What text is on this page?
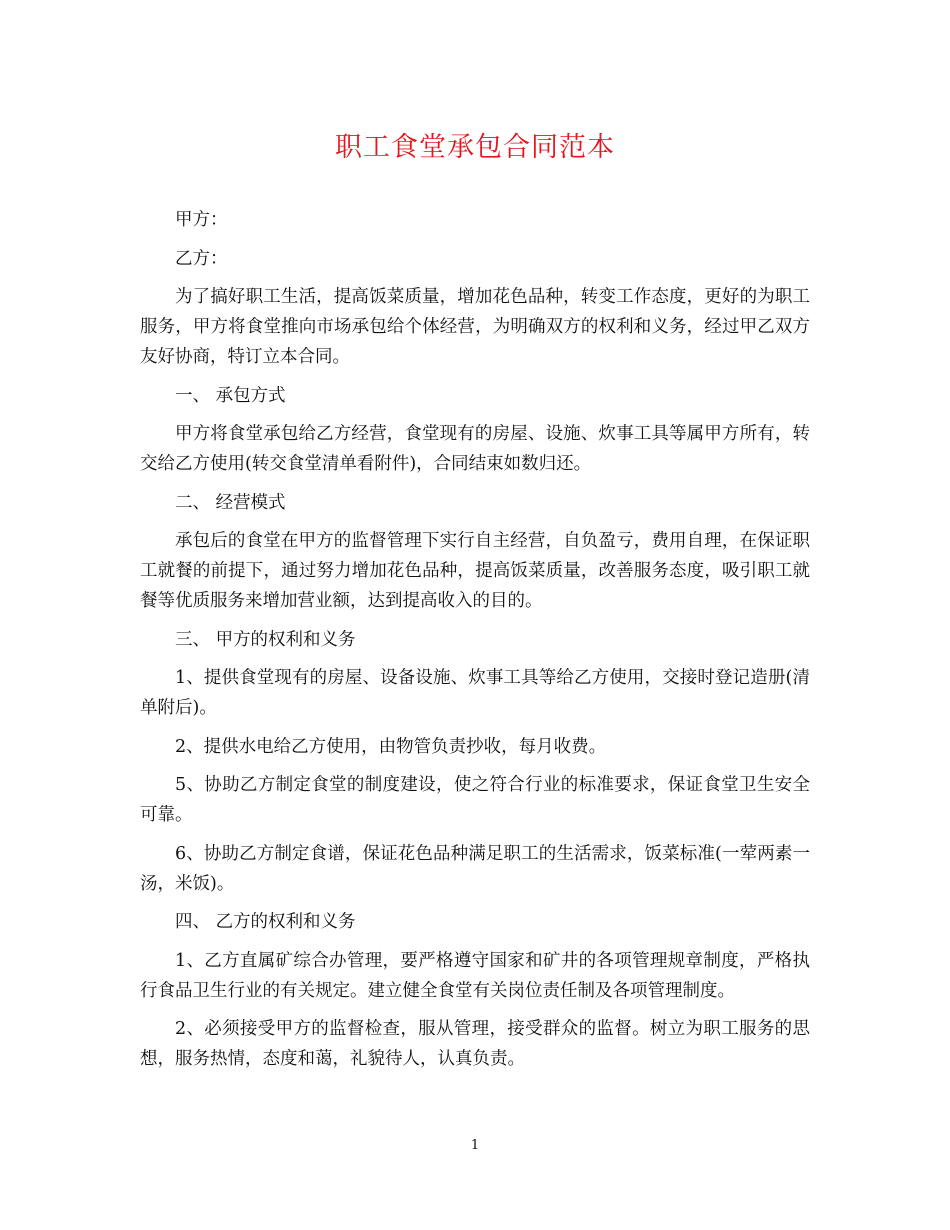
职工食堂承包合同范本

甲方：

乙方：

为了搞好职工生活，提高饭菜质量，增加花色品种，转变工作态度，更好的为职工服务，甲方将食堂推向市场承包给个体经营，为明确双方的权利和义务，经过甲乙双方友好协商，特订立本合同。

一、 承包方式

甲方将食堂承包给乙方经营，食堂现有的房屋、设施、炊事工具等属甲方所有，转交给乙方使用(转交食堂清单看附件)，合同结束如数归还。

二、 经营模式

承包后的食堂在甲方的监督管理下实行自主经营，自负盈亏，费用自理，在保证职工就餐的前提下，通过努力增加花色品种，提高饭菜质量，改善服务态度，吸引职工就餐等优质服务来增加营业额，达到提高收入的目的。

三、 甲方的权利和义务

1、提供食堂现有的房屋、设备设施、炊事工具等给乙方使用，交接时登记造册(清单附后)。

2、提供水电给乙方使用，由物管负责抄收，每月收费。

5、协助乙方制定食堂的制度建设，使之符合行业的标准要求，保证食堂卫生安全可靠。

6、协助乙方制定食谱，保证花色品种满足职工的生活需求，饭菜标准(一荤两素一汤，米饭)。

四、 乙方的权利和义务

1、乙方直属矿综合办管理，要严格遵守国家和矿井的各项管理规章制度，严格执行食品卫生行业的有关规定。建立健全食堂有关岗位责任制及各项管理制度。

2、必须接受甲方的监督检查，服从管理，接受群众的监督。树立为职工服务的思想，服务热情，态度和蔼，礼貌待人，认真负责。

1
